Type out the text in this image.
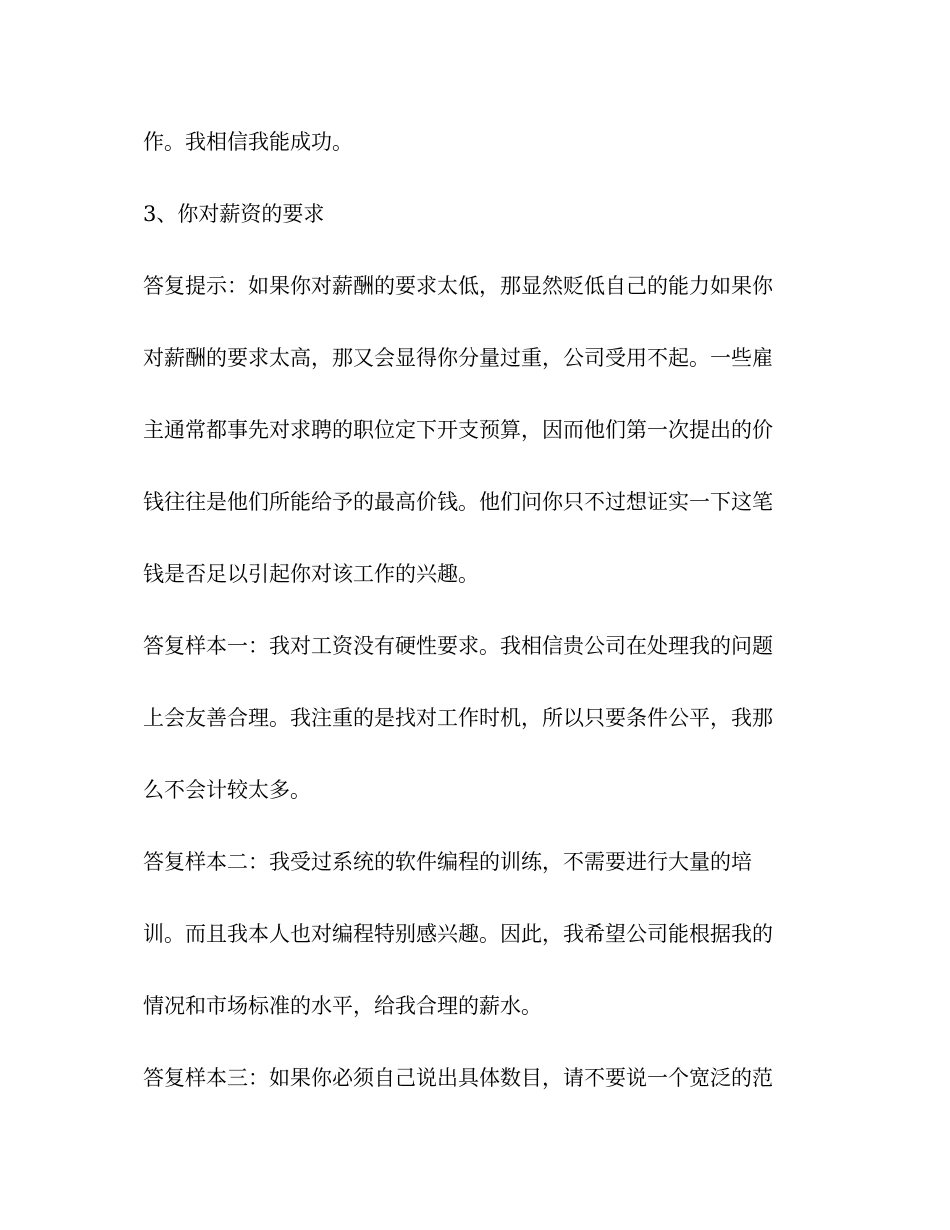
作。我相信我能成功。
3、你对薪资的要求
答复提示：如果你对薪酬的要求太低，那显然贬低自己的能力如果你
对薪酬的要求太高，那又会显得你分量过重，公司受用不起。一些雇
主通常都事先对求聘的职位定下开支预算，因而他们第一次提出的价
钱往往是他们所能给予的最高价钱。他们问你只不过想证实一下这笔
钱是否足以引起你对该工作的兴趣。
答复样本一：我对工资没有硬性要求。我相信贵公司在处理我的问题
上会友善合理。我注重的是找对工作时机，所以只要条件公平，我那
么不会计较太多。
答复样本二：我受过系统的软件编程的训练，不需要进行大量的培
训。而且我本人也对编程特别感兴趣。因此，我希望公司能根据我的
情况和市场标准的水平，给我合理的薪水。
答复样本三：如果你必须自己说出具体数目，请不要说一个宽泛的范
